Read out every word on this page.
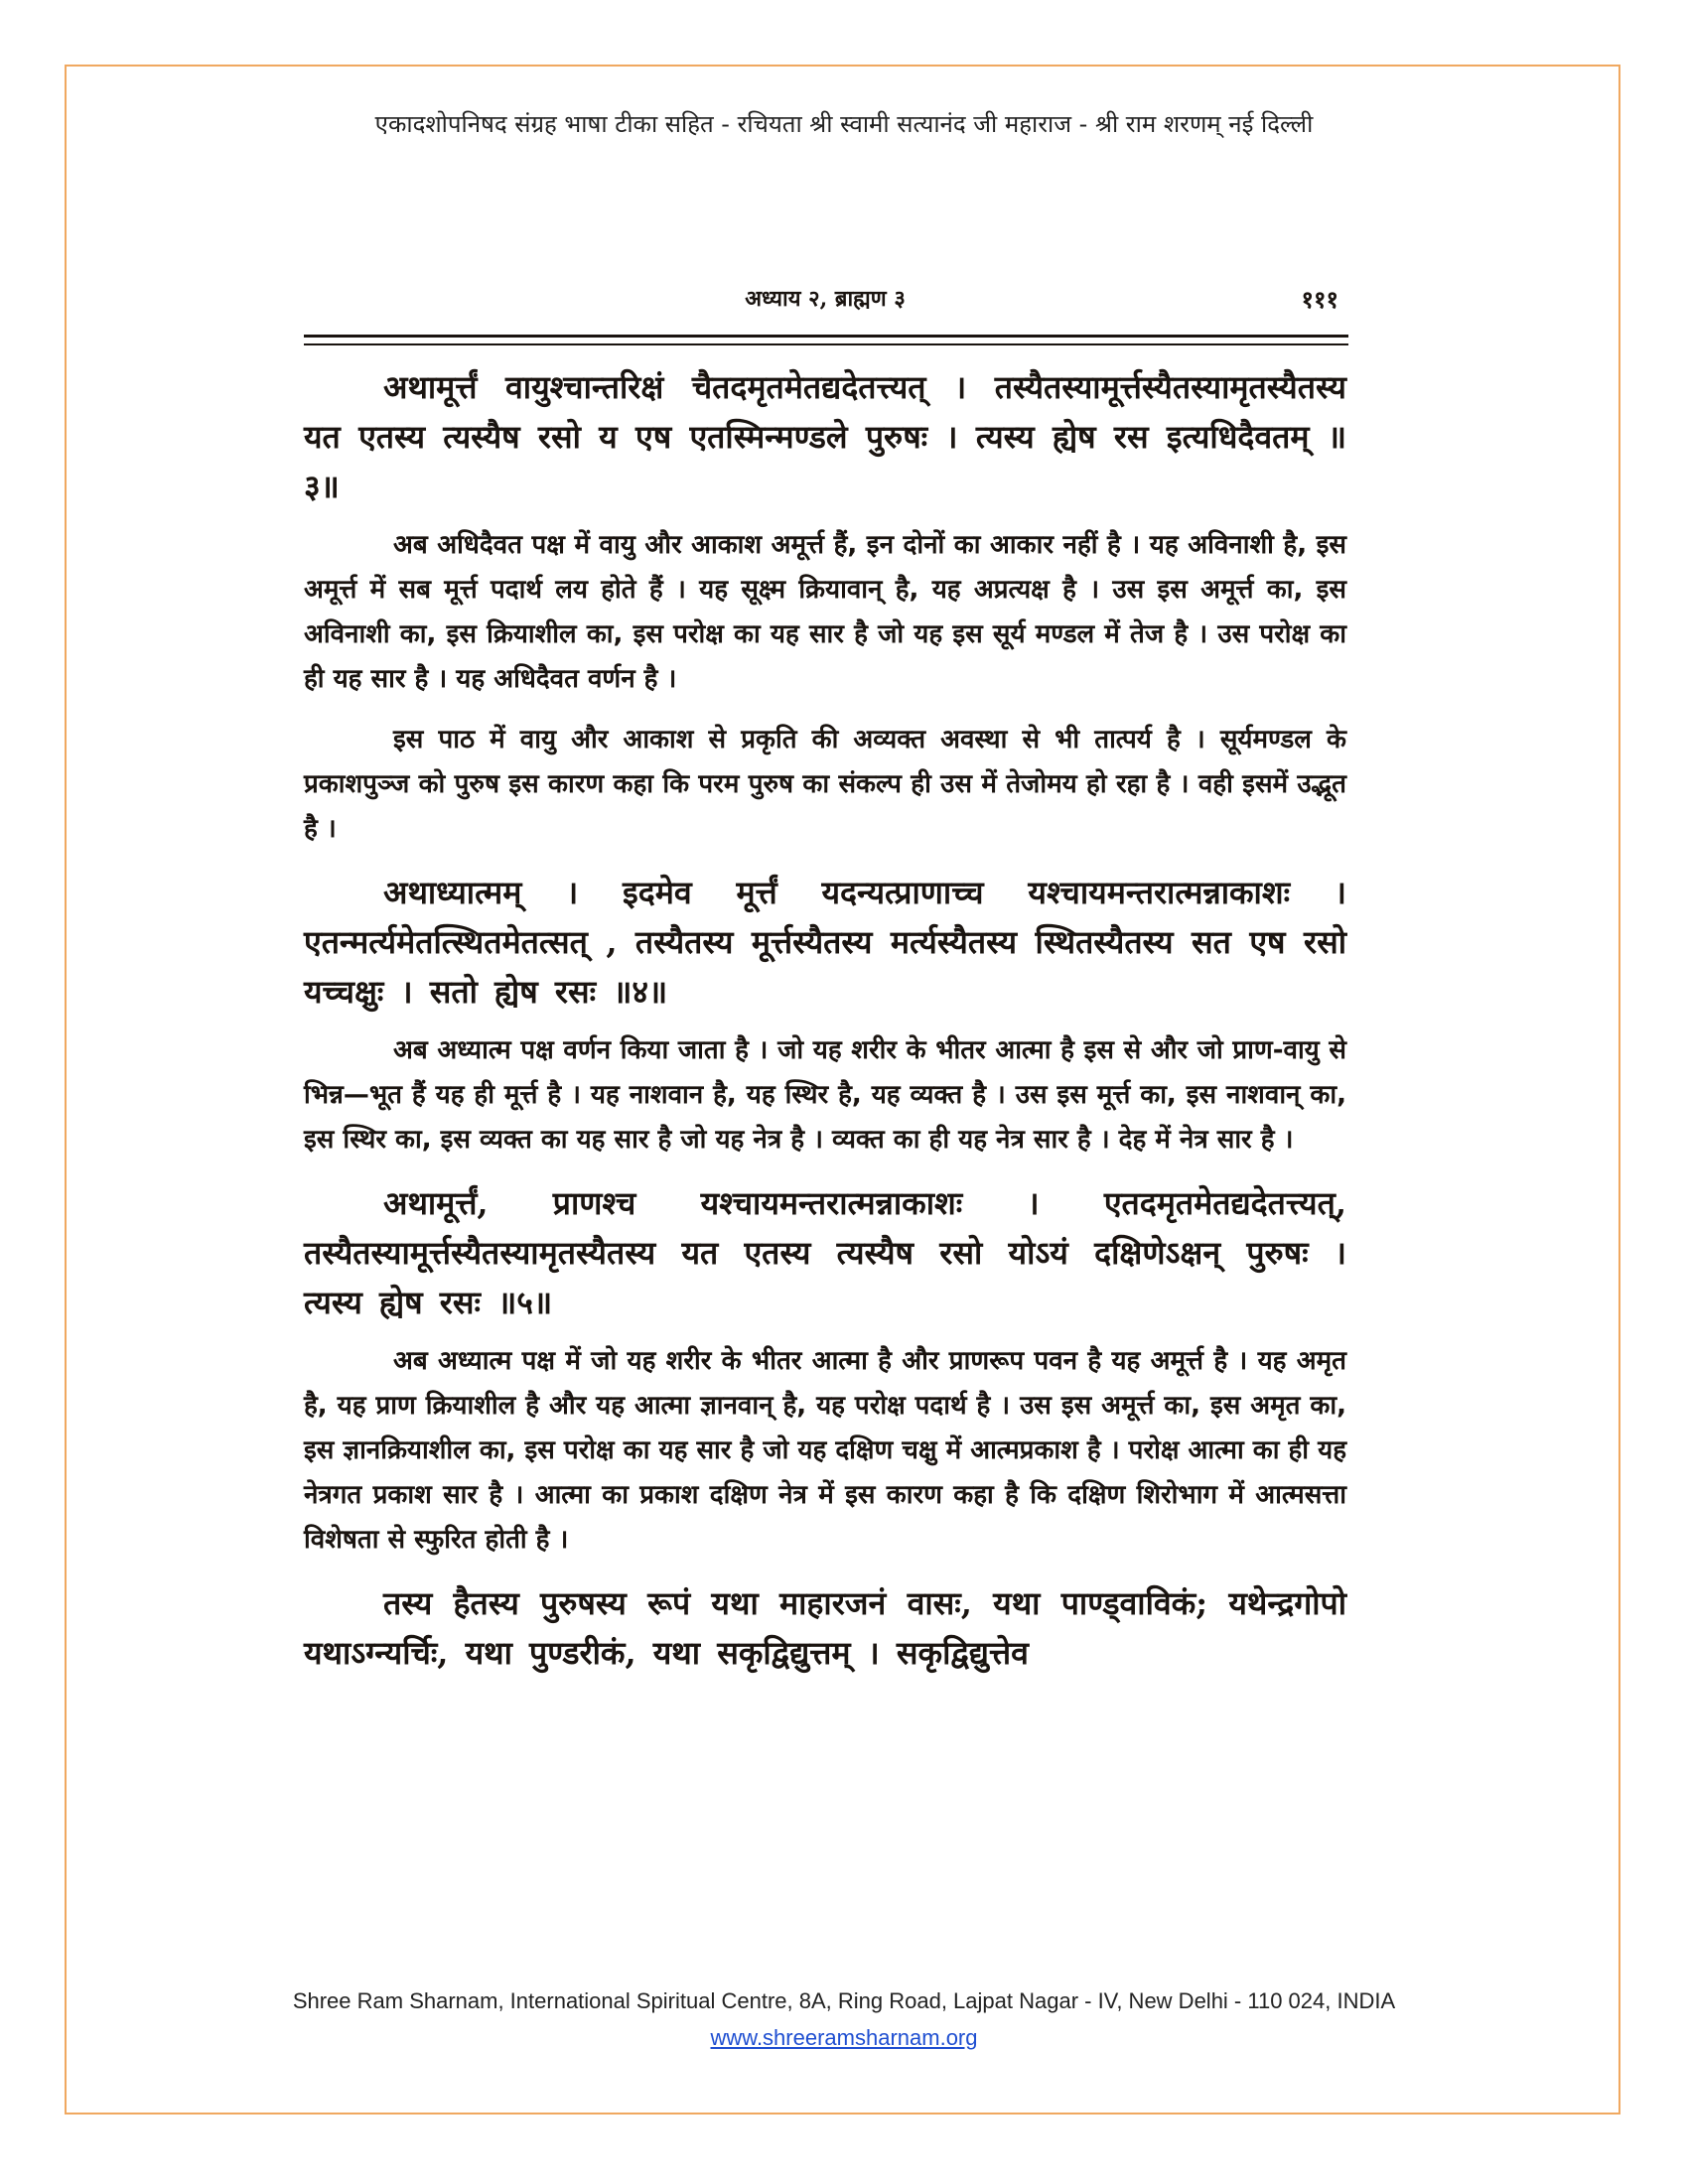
एकादशोपनिषद संग्रह भाषा टीका सहित - रचियता श्री स्वामी सत्यानंद जी महाराज - श्री राम शरणम् नई दिल्ली
अध्याय २, ब्राह्मण ३	१११

अथामूर्त्तं वायुश्चान्तरिक्षं चैतदमृतमेतद्यदेतत्त्यत् । तस्यैतस्यामूर्त्तस्यैतस्यामृतस्यैतस्य यत एतस्य त्यस्यैष रसो य एष एतस्मिन्मण्डले पुरुषः । त्यस्य ह्येष रस इत्यधिदैवतम् ॥३॥

अब अधिदैवत पक्ष में वायु और आकाश अमूर्त्त हैं, इन दोनों का आकार नहीं है । यह अविनाशी है, इस अमूर्त्त में सब मूर्त्त पदार्थ लय होते हैं । यह सूक्ष्म क्रियावान् है, यह अप्रत्यक्ष है । उस इस अमूर्त्त का, इस अविनाशी का, इस क्रियाशील का, इस परोक्ष का यह सार है जो यह इस सूर्य मण्डल में तेज है । उस परोक्ष का ही यह सार है । यह अधिदैवत वर्णन है ।

इस पाठ में वायु और आकाश से प्रकृति की अव्यक्त अवस्था से भी तात्पर्य है । सूर्यमण्डल के प्रकाशपुञ्ज को पुरुष इस कारण कहा कि परम पुरुष का संकल्प ही उस में तेजोमय हो रहा है । वही इसमें उद्भूत है ।

अथाध्यात्मम् । इदमेव मूर्त्तं यदन्यत्प्राणाच्च यश्चायमन्तरात्मन्नाकाशः । एतन्मर्त्यमेतत्स्थितमेतत्सत् , तस्यैतस्य मूर्त्तस्यैतस्य मर्त्यस्यैतस्य स्थितस्यैतस्य सत एष रसो यच्चक्षुः । सतो ह्येष रसः ॥४॥

अब अध्यात्म पक्ष वर्णन किया जाता है । जो यह शरीर के भीतर आत्मा है इस से और जो प्राण-वायु से भिन्न—भूत हैं यह ही मूर्त्त है । यह नाशवान है, यह स्थिर है, यह व्यक्त है । उस इस मूर्त्त का, इस नाशवान् का, इस स्थिर का, इस व्यक्त का यह सार है जो यह नेत्र है । व्यक्त का ही यह नेत्र सार है । देह में नेत्र सार है ।

अथामूर्त्तं, प्राणश्च यश्चायमन्तरात्मन्नाकाशः । एतदमृतमेतद्यदेतत्त्यत्, तस्यैतस्यामूर्त्तस्यैतस्यामृतस्यैतस्य यत एतस्य त्यस्यैष रसो योऽयं दक्षिणेऽक्षन् पुरुषः । त्यस्य ह्येष रसः ॥५॥

अब अध्यात्म पक्ष में जो यह शरीर के भीतर आत्मा है और प्राणरूप पवन है यह अमूर्त्त है । यह अमृत है, यह प्राण क्रियाशील है और यह आत्मा ज्ञानवान् है, यह परोक्ष पदार्थ है । उस इस अमूर्त्त का, इस अमृत का, इस ज्ञानक्रियाशील का, इस परोक्ष का यह सार है जो यह दक्षिण चक्षु में आत्मप्रकाश है । परोक्ष आत्मा का ही यह नेत्रगत प्रकाश सार है । आत्मा का प्रकाश दक्षिण नेत्र में इस कारण कहा है कि दक्षिण शिरोभाग में आत्मसत्ता विशेषता से स्फुरित होती है ।

तस्य हैतस्य पुरुषस्य रूपं यथा माहारजनं वासः, यथा पाण्ड्वाविकं; यथेन्द्रगोपो यथाऽग्न्यर्चिः, यथा पुण्डरीकं, यथा सकृद्विद्युत्तम् । सकृद्विद्युत्तेव

Shree Ram Sharnam, International Spiritual Centre, 8A, Ring Road, Lajpat Nagar - IV, New Delhi - 110 024, INDIA
www.shreeramsharnam.org
